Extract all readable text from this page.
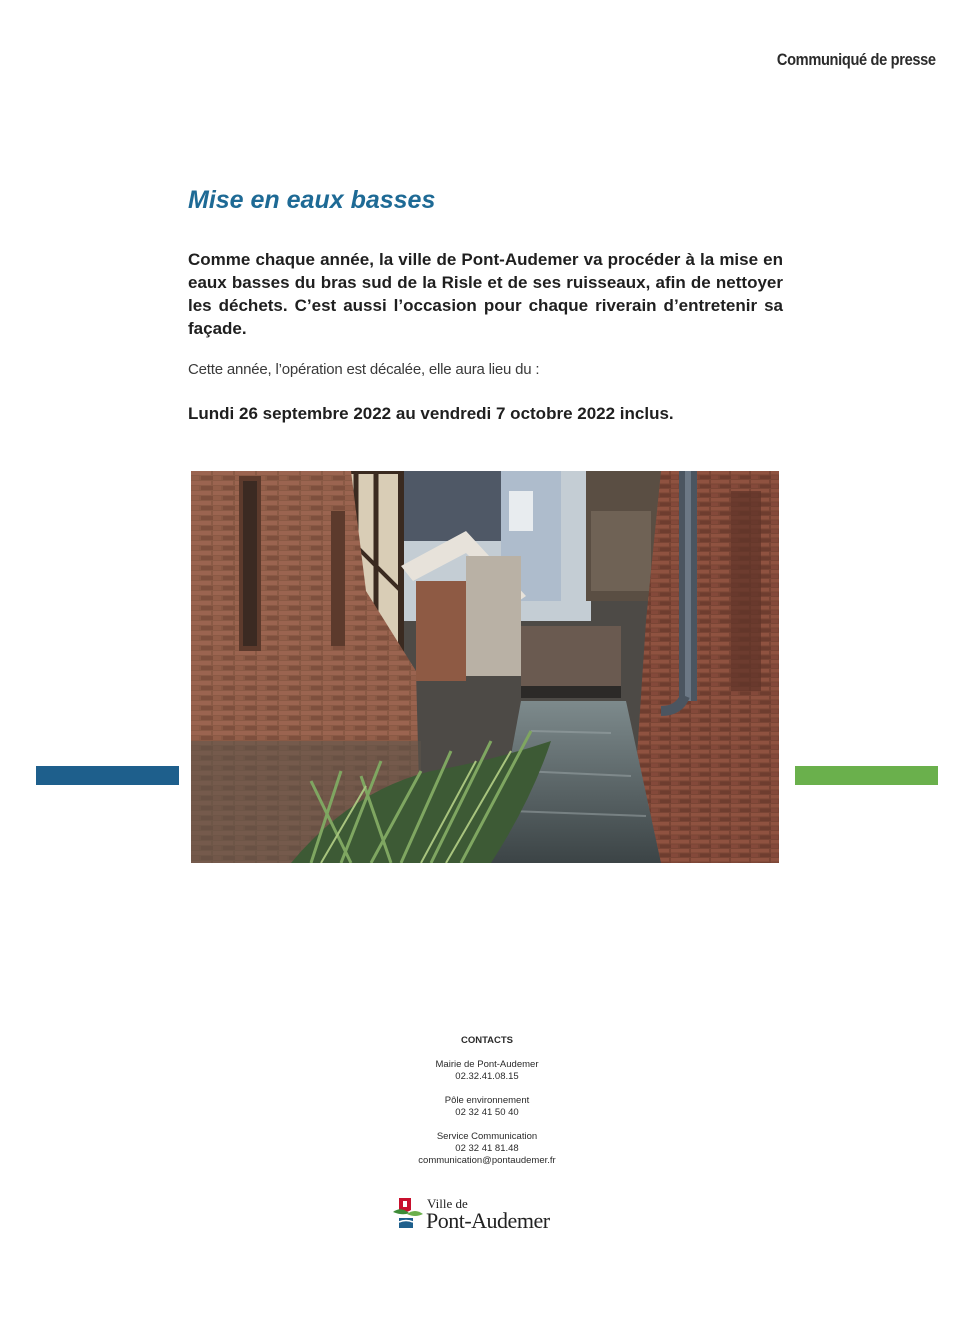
Communiqué de presse
Mise en eaux basses

Comme chaque année, la ville de Pont-Audemer va procéder à la mise en eaux basses du bras sud de la Risle et de ses ruisseaux, afin de nettoyer les déchets. C’est aussi l’occasion pour chaque riverain d’entretenir sa façade.

Cette année, l’opération est décalée, elle aura lieu du :

Lundi 26 septembre 2022 au vendredi 7 octobre 2022 inclus.

CONTACTS
Mairie de Pont-Audemer
02.32.41.08.15
Pôle environnement
02 32 41 50 40
Service Communication
02 32 41 81.48
communication@pontaudemer.fr
Ville de
Pont-Audemer
